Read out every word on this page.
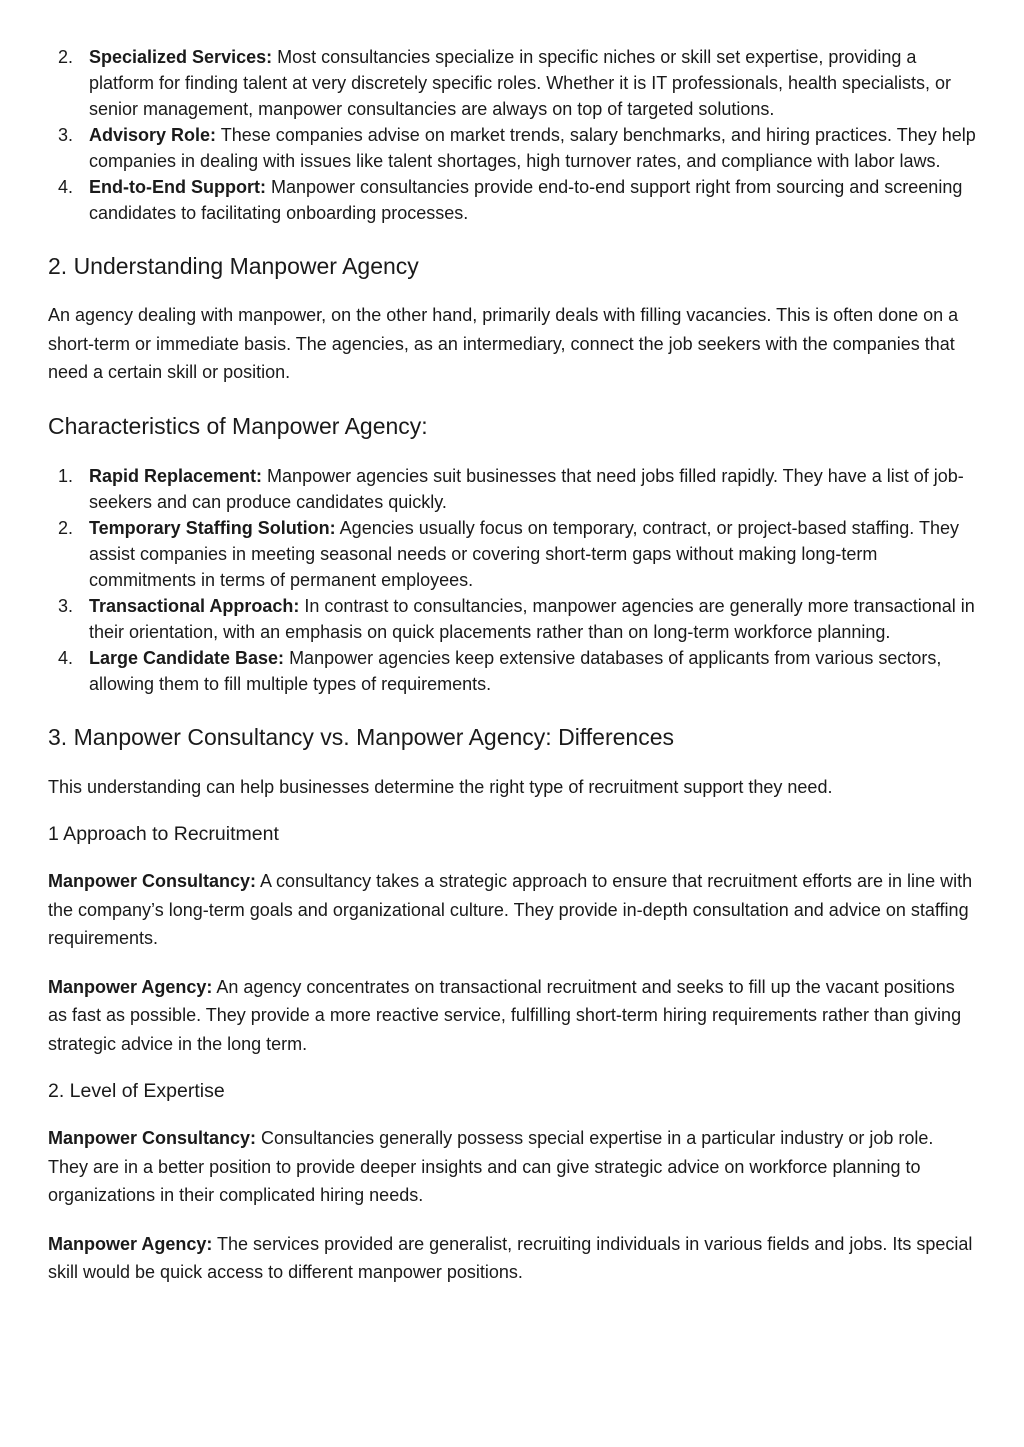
2. Specialized Services: Most consultancies specialize in specific niches or skill set expertise, providing a platform for finding talent at very discretely specific roles. Whether it is IT professionals, health specialists, or senior management, manpower consultancies are always on top of targeted solutions.
3. Advisory Role: These companies advise on market trends, salary benchmarks, and hiring practices. They help companies in dealing with issues like talent shortages, high turnover rates, and compliance with labor laws.
4. End-to-End Support: Manpower consultancies provide end-to-end support right from sourcing and screening candidates to facilitating onboarding processes.
2. Understanding Manpower Agency

An agency dealing with manpower, on the other hand, primarily deals with filling vacancies. This is often done on a short-term or immediate basis. The agencies, as an intermediary, connect the job seekers with the companies that need a certain skill or position.

Characteristics of Manpower Agency:
1. Rapid Replacement: Manpower agencies suit businesses that need jobs filled rapidly. They have a list of job-seekers and can produce candidates quickly.
2. Temporary Staffing Solution: Agencies usually focus on temporary, contract, or project-based staffing. They assist companies in meeting seasonal needs or covering short-term gaps without making long-term commitments in terms of permanent employees.
3. Transactional Approach: In contrast to consultancies, manpower agencies are generally more transactional in their orientation, with an emphasis on quick placements rather than on long-term workforce planning.
4. Large Candidate Base: Manpower agencies keep extensive databases of applicants from various sectors, allowing them to fill multiple types of requirements.
3. Manpower Consultancy vs. Manpower Agency: Differences

This understanding can help businesses determine the right type of recruitment support they need.

1 Approach to Recruitment

Manpower Consultancy: A consultancy takes a strategic approach to ensure that recruitment efforts are in line with the company’s long-term goals and organizational culture. They provide in-depth consultation and advice on staffing requirements.

Manpower Agency: An agency concentrates on transactional recruitment and seeks to fill up the vacant positions as fast as possible. They provide a more reactive service, fulfilling short-term hiring requirements rather than giving strategic advice in the long term.

2. Level of Expertise

Manpower Consultancy: Consultancies generally possess special expertise in a particular industry or job role. They are in a better position to provide deeper insights and can give strategic advice on workforce planning to organizations in their complicated hiring needs.

Manpower Agency: The services provided are generalist, recruiting individuals in various fields and jobs. Its special skill would be quick access to different manpower positions.
